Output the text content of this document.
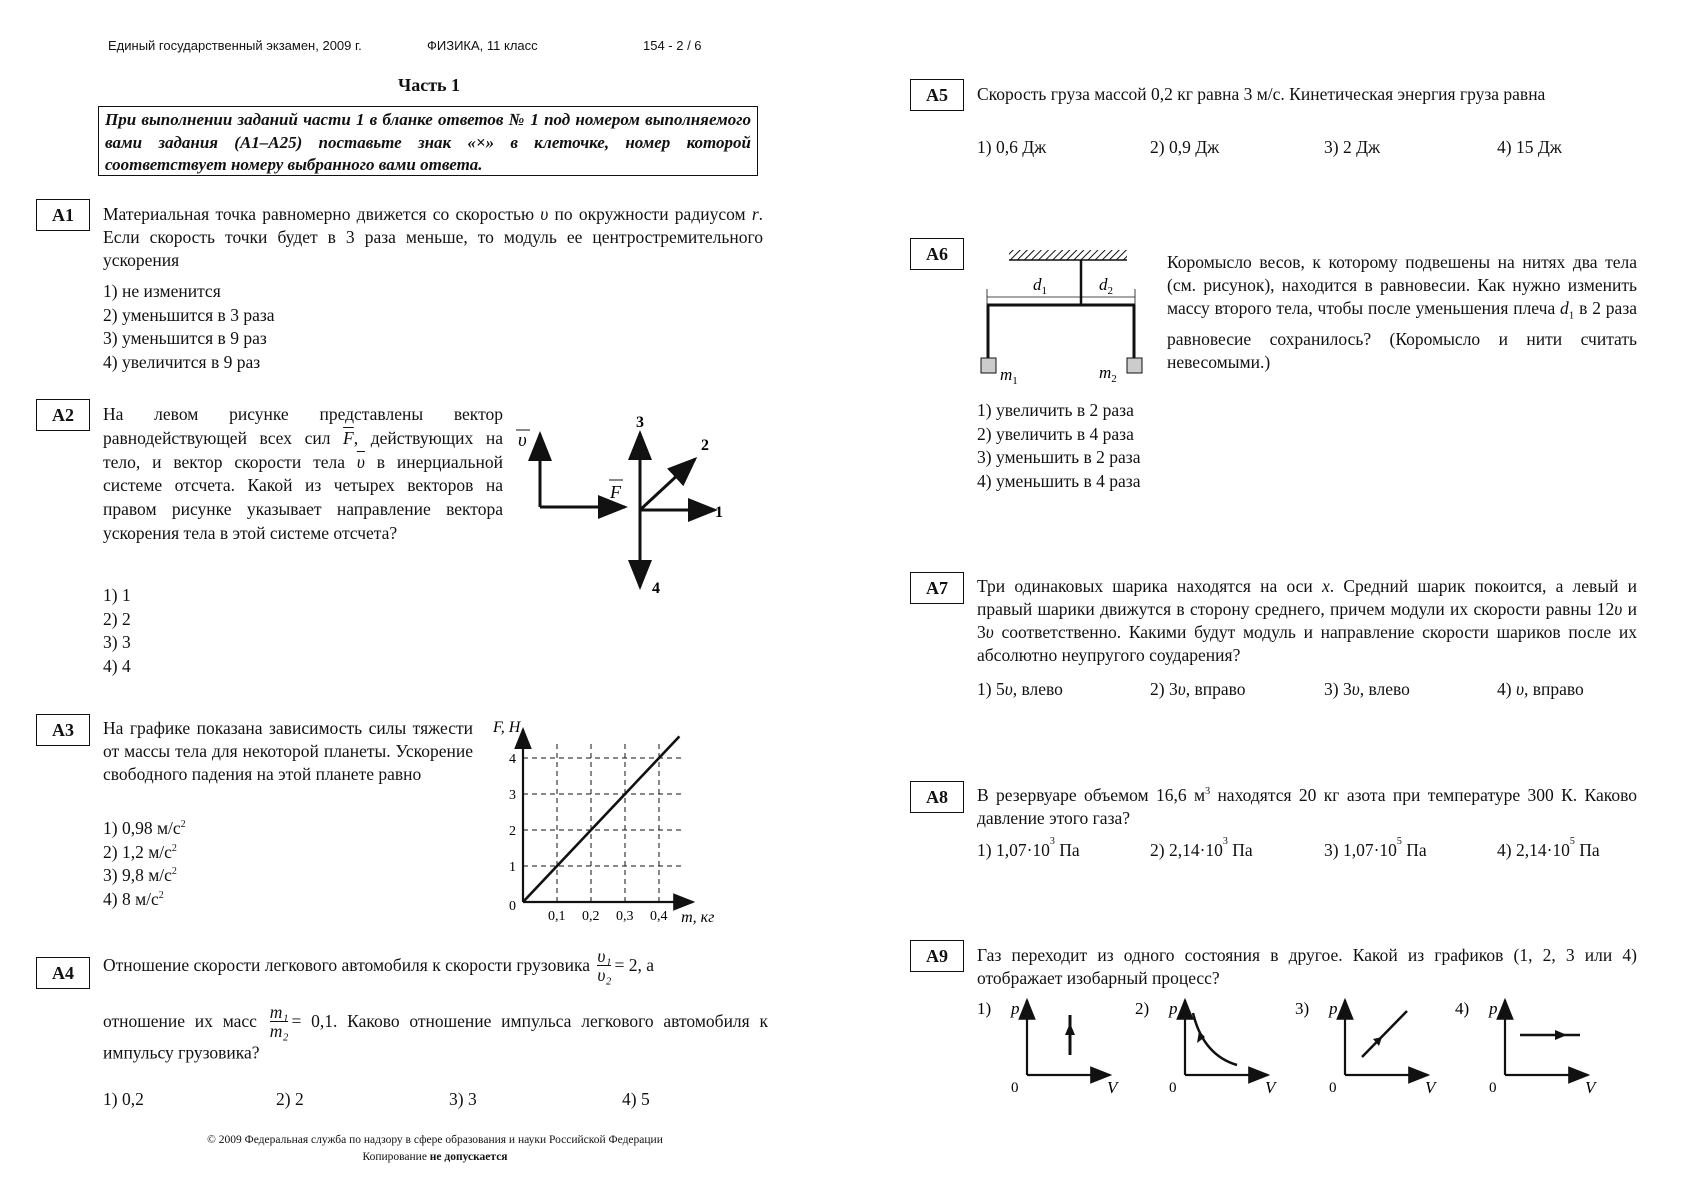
Единый государственный экзамен, 2009 г.	ФИЗИКА, 11 класс	154 - 2 / 6
Часть 1
При выполнении заданий части 1 в бланке ответов № 1 под номером выполняемого вами задания (А1–А25) поставьте знак «×» в клеточке, номер которой соответствует номеру выбранного вами ответа.
А1	Материальная точка равномерно движется со скоростью υ по окружности радиусом r. Если скорость точки будет в 3 раза меньше, то модуль ее центростремительного ускорения
1) не изменится
2) уменьшится в 3 раза
3) уменьшится в 9 раз
4) увеличится в 9 раз
А2	На левом рисунке представлены вектор равнодействующей всех сил $\overline{F}$, действующих на тело, и вектор скорости тела $\overline{\upsilon}$ в инерциальной системе отсчета. Какой из четырех векторов на правом рисунке указывает направление вектора ускорения тела в этой системе отсчета?
1) 1
2) 2
3) 3
4) 4
υ
F
1
2
3
4
А3	На графике показана зависимость силы тяжести от массы тела для некоторой планеты. Ускорение свободного падения на этой планете равно
1) 0,98 $м/с^2$
2) 1,2 $м/с^2$
3) 9,8 $м/с^2$
4) 8 $м/с^2$
0,1 0,2 0,3 0,4
1
2
3
4
0
m, кг
F, Н
А4	Отношение скорости легкового автомобиля к скорости грузовика $\frac{\text{υ₁}}{\text{υ₂}} = 2$, а
отношение их масс $\frac{\text{m₁}}{\text{m₂}} = 0,1$. Каково отношение импульса легкового автомобиля к импульсу грузовика?
1) 0,2	2) 2	3) 3	4) 5
© 2009 Федеральная служба по надзору в сфере образования и науки Российской Федерации
Копирование не допускается
А5	Скорость груза массой 0,2 кг равна 3 м/с. Кинетическая энергия груза равна
1) 0,6 Дж	2) 0,9 Дж	3) 2 Дж	4) 15 Дж
А6
$d_1$	$d_2$
$m_1$	$m_2$
Коромысло весов, к которому подвешены на нитях два тела (см. рисунок), находится в равновесии. Как нужно изменить массу второго тела, чтобы после уменьшения плеча $d_1$ в 2 раза равновесие сохранилось? (Коромысло и нити считать невесомыми.)
1) увеличить в 2 раза
2) увеличить в 4 раза
3) уменьшить в 2 раза
4) уменьшить в 4 раза
А7	Три одинаковых шарика находятся на оси x. Средний шарик покоится, а левый и правый шарики движутся в сторону среднего, причем модули их скорости равны 12υ и 3υ соответственно. Какими будут модуль и направление скорости шариков после их абсолютно неупругого соударения?
1) 5υ, влево	2) 3υ, вправо	3) 3υ, влево	4) υ, вправо
А8	В резервуаре объемом 16,6 $м^3$ находятся 20 кг азота при температуре 300 К. Каково давление этого газа?
1) $1,07\cdot 10^3$ Па	2) $2,14\cdot 10^3$ Па	3) $1,07\cdot 10^5$ Па	4) $2,14\cdot 10^5$ Па
А9	Газ переходит из одного состояния в другое. Какой из графиков (1, 2, 3 или 4) отображает изобарный процесс?
1) p
V
0
2) p
V
0
3) p
V
0
4) p
V
0
